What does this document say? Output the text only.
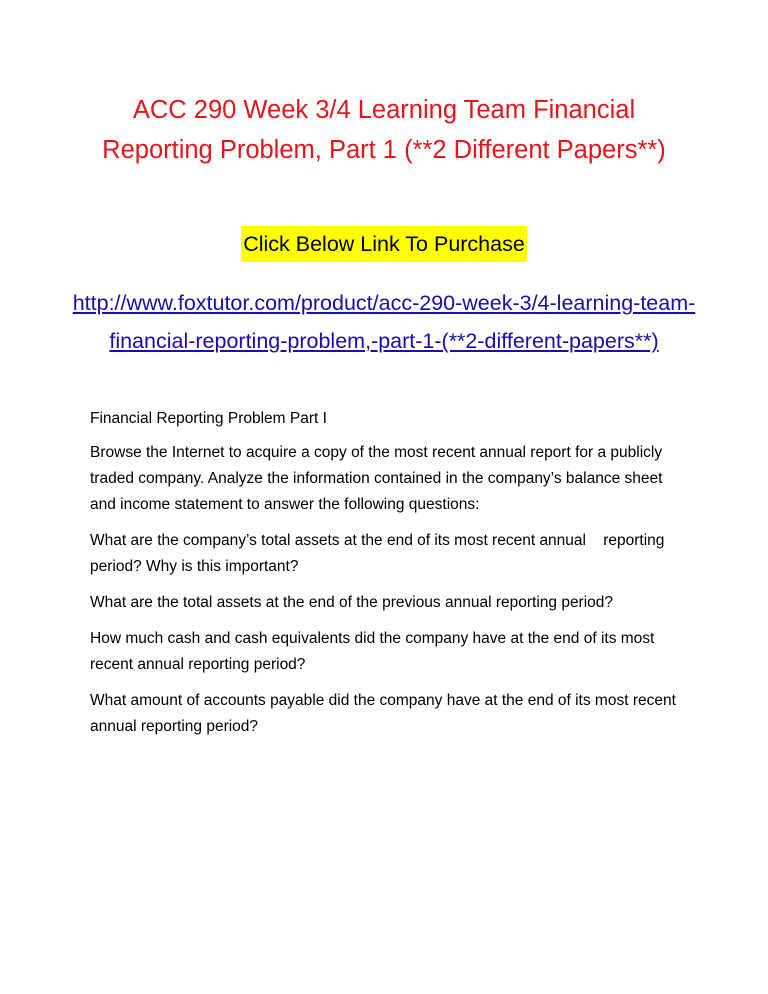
ACC 290 Week 3/4 Learning Team Financial Reporting Problem, Part 1 (**2 Different Papers**)
Click Below Link To Purchase
http://www.foxtutor.com/product/acc-290-week-3/4-learning-team-financial-reporting-problem,-part-1-(**2-different-papers**)

Financial Reporting Problem Part I

Browse the Internet to acquire a copy of the most recent annual report for a publicly traded company. Analyze the information contained in the company’s balance sheet and income statement to answer the following questions:

What are the company’s total assets at the end of its most recent annual    reporting period? Why is this important?

What are the total assets at the end of the previous annual reporting period?

How much cash and cash equivalents did the company have at the end of its most recent annual reporting period?

What amount of accounts payable did the company have at the end of its most recent annual reporting period?
